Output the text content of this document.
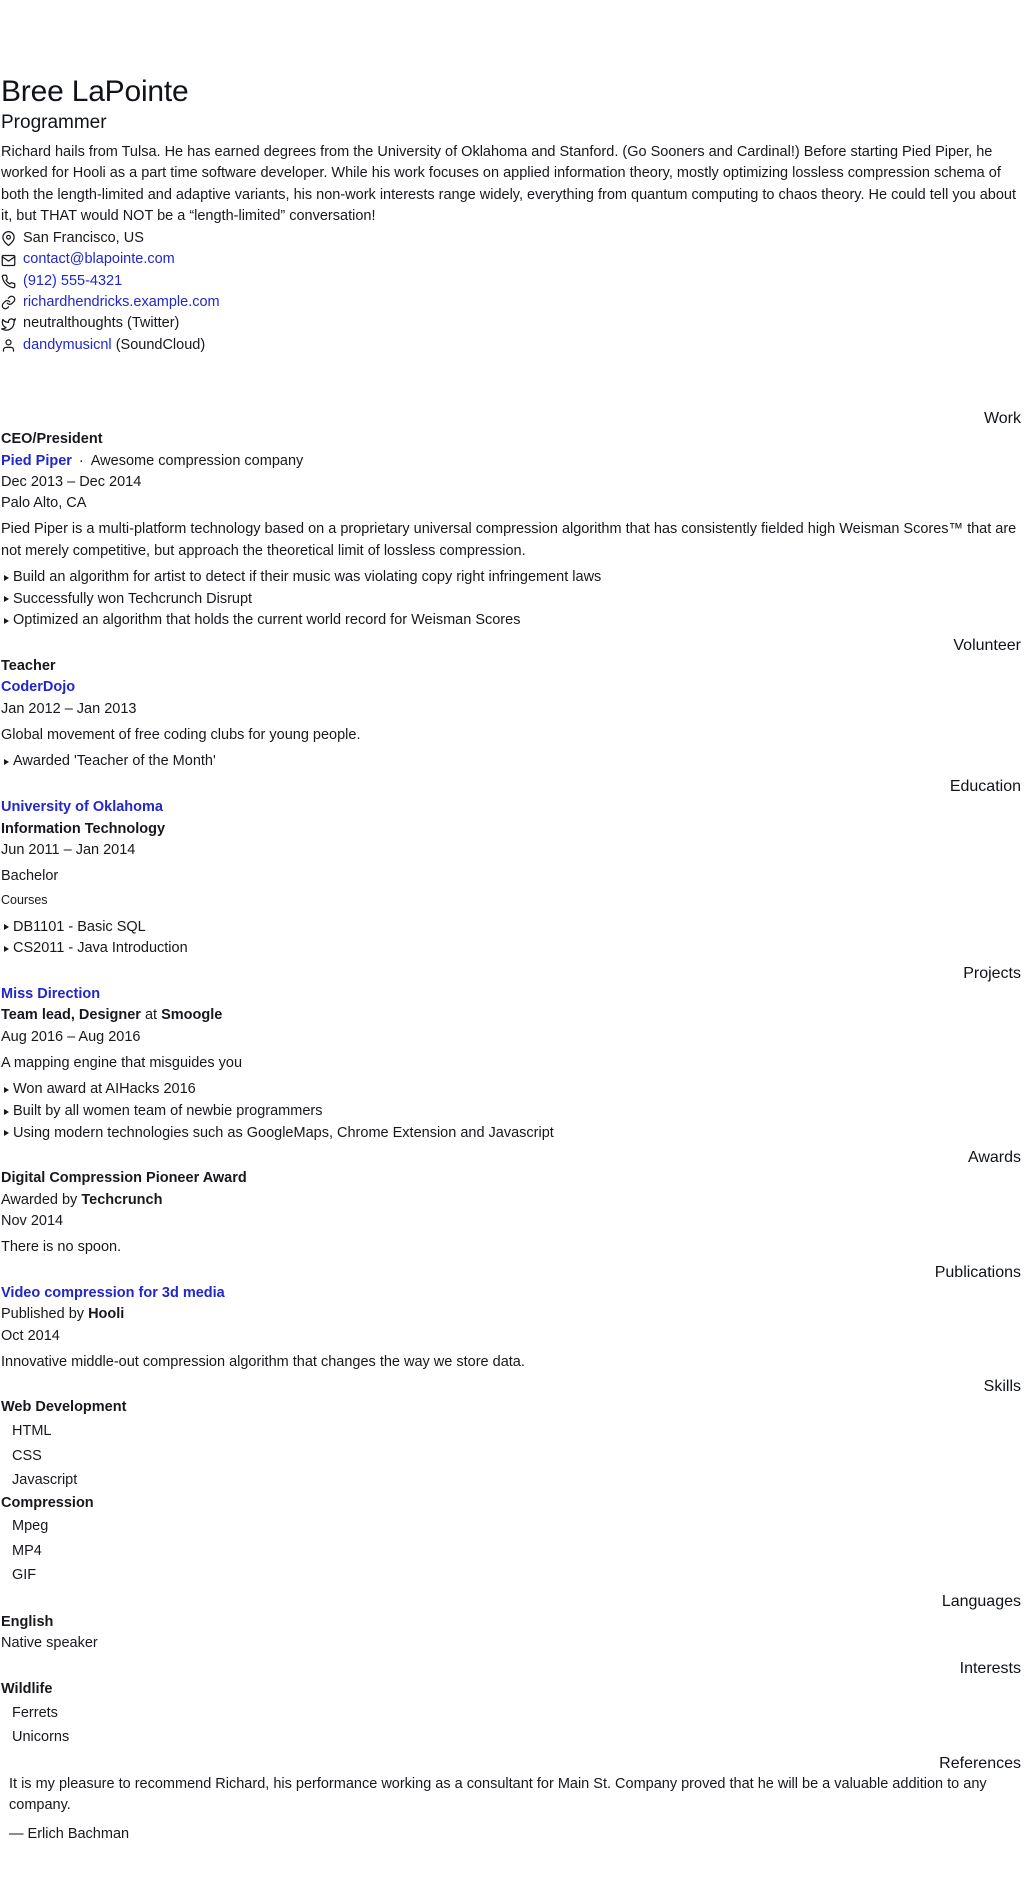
Bree LaPointe
Programmer

Richard hails from Tulsa. He has earned degrees from the University of Oklahoma and Stanford. (Go Sooners and Cardinal!) Before starting Pied Piper, he worked for Hooli as a part time software developer. While his work focuses on applied information theory, mostly optimizing lossless compression schema of both the length-limited and adaptive variants, his non-work interests range widely, everything from quantum computing to chaos theory. He could tell you about it, but THAT would NOT be a “length-limited” conversation!

San Francisco, US
contact@blapointe.com
(912) 555-4321
richardhendricks.example.com
neutralthoughts (Twitter)
dandymusicnl (SoundCloud)
Work
CEO/President
Pied Piper · Awesome compression company
Dec 2013 – Dec 2014
Palo Alto, CA

Pied Piper is a multi-platform technology based on a proprietary universal compression algorithm that has consistently fielded high Weisman Scores™ that are not merely competitive, but approach the theoretical limit of lossless compression.

Build an algorithm for artist to detect if their music was violating copy right infringement laws
Successfully won Techcrunch Disrupt
Optimized an algorithm that holds the current world record for Weisman Scores
Volunteer
Teacher
CoderDojo
Jan 2012 – Jan 2013

Global movement of free coding clubs for young people.

Awarded 'Teacher of the Month'
Education
University of Oklahoma
Information Technology
Jun 2011 – Jan 2014

Bachelor

Courses
DB1101 - Basic SQL
CS2011 - Java Introduction
Projects
Miss Direction
Team lead, Designer at Smoogle
Aug 2016 – Aug 2016

A mapping engine that misguides you

Won award at AIHacks 2016
Built by all women team of newbie programmers
Using modern technologies such as GoogleMaps, Chrome Extension and Javascript
Awards
Digital Compression Pioneer Award
Awarded by Techcrunch
Nov 2014

There is no spoon.

Publications
Video compression for 3d media
Published by Hooli
Oct 2014

Innovative middle-out compression algorithm that changes the way we store data.

Skills
Web Development
HTML
CSS
Javascript
Compression
Mpeg
MP4
GIF
Languages
English
Native speaker
Interests
Wildlife
Ferrets
Unicorns
References
It is my pleasure to recommend Richard, his performance working as a consultant for Main St. Company proved that he will be a valuable addition to any company.
— Erlich Bachman
